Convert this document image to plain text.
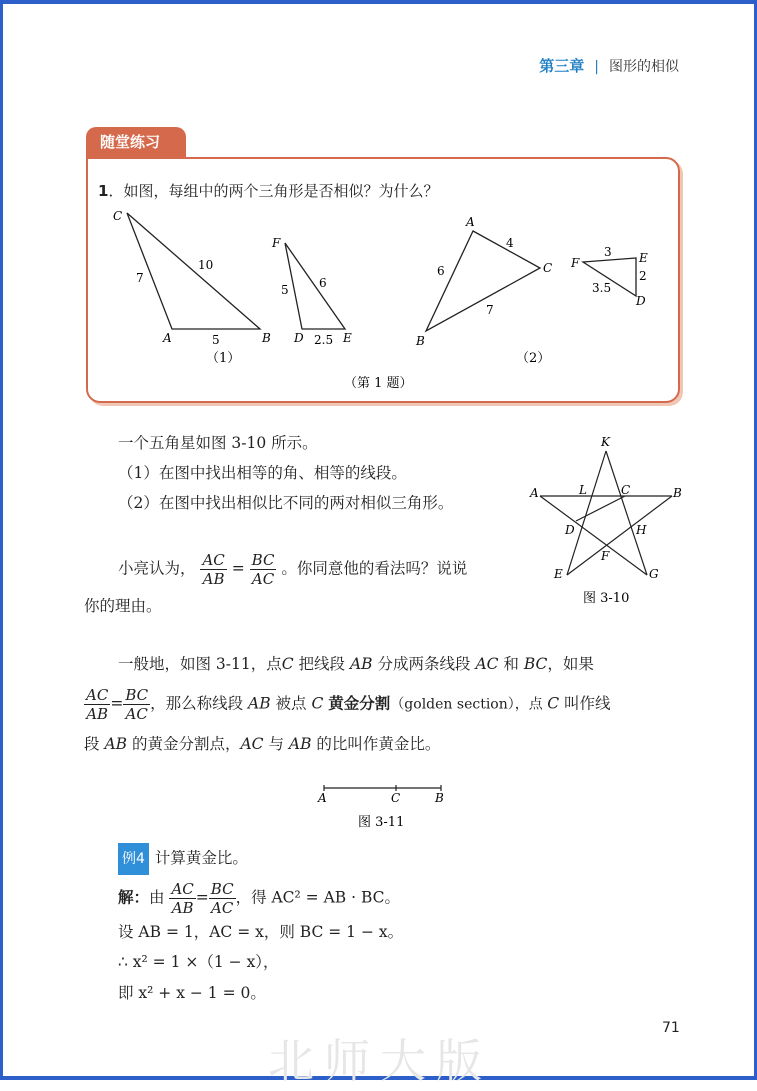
第三章 | 图形的相似
随堂练习
1．如图，每组中的两个三角形是否相似？为什么？
C
A	B
7
10
5
F
D	E
5	6
2.5
（1）
A
C
B
4
6
7
F	E
D
3
2
3.5
（2）
（第 1 题）
K
A	L	C	B
D	H
F
E	G
图 3-10
A	C	B
图 3-11
一个五角星如图 3-10 所示。
（1）在图中找出相等的角、相等的线段。
（2）在图中找出相似比不同的两对相似三角形。
小亮认为， $\frac{AC}{AB} = \frac{BC}{AC}$ 。你同意他的看法吗？说说
你的理由。
一般地，如图 3-11，点C 把线段 AB 分成两条线段 AC 和 BC，如果
$\frac{AC}{AB} = \frac{BC}{AC}$ ，那么称线段 AB 被点 C 黄金分割（golden section），点 C 叫作线
段 AB 的黄金分割点，AC 与 AB 的比叫作黄金比。
例4 计算黄金比。
解：由 $\frac{AC}{AB} = \frac{BC}{AC}$ ，得 AC² = AB · BC。
设 AB = 1，AC = x，则 BC = 1 − x。
∴ x² = 1 ×（1 − x），
即 x² + x − 1 = 0。
71
北师大版
